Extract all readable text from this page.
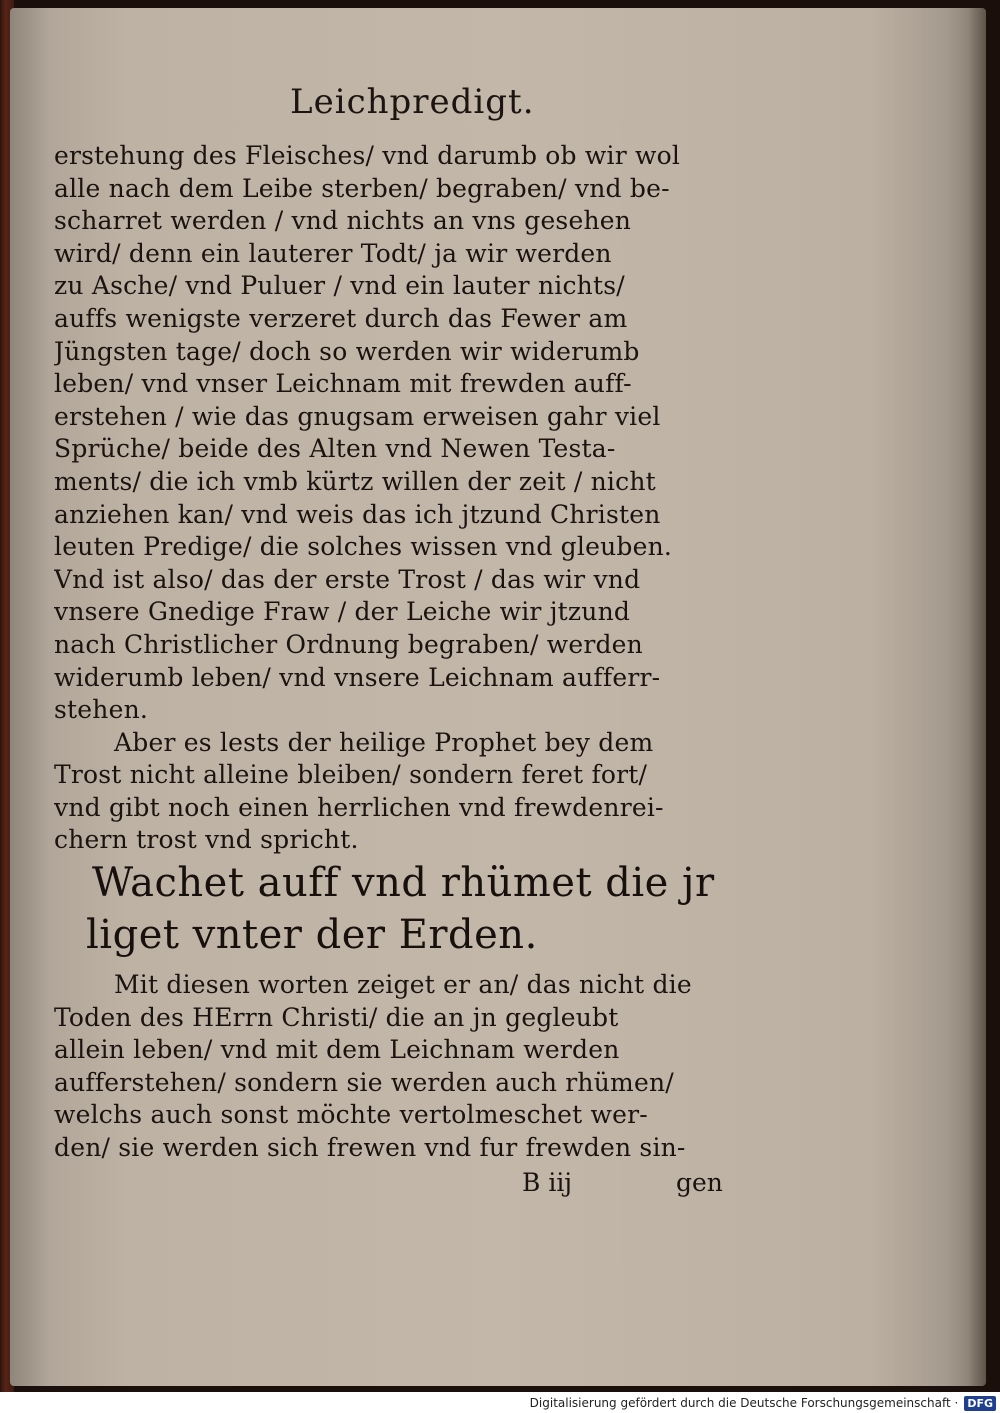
Leichpredigt.
erstehung des Fleisches/ vnd darumb ob wir wol
alle nach dem Leibe sterben/ begraben/ vnd be-
scharret werden / vnd nichts an vns gesehen
wird/ denn ein lauterer Todt/ ja wir werden
zu Asche/ vnd Puluer / vnd ein lauter nichts/
auffs wenigste verzeret durch das Fewer am
Jüngsten tage/ doch so werden wir widerumb
leben/ vnd vnser Leichnam mit frewden auff-
erstehen / wie das gnugsam erweisen gahr viel
Sprüche/ beide des Alten vnd Newen Testa-
ments/ die ich vmb kürtz willen der zeit / nicht
anziehen kan/ vnd weis das ich jtzund Christen
leuten Predige/ die solches wissen vnd gleuben.
Vnd ist also/ das der erste Trost / das wir vnd
vnsere Gnedige Fraw / der Leiche wir jtzund
nach Christlicher Ordnung begraben/ werden
widerumb leben/ vnd vnsere Leichnam aufferr-
stehen.
Aber es lests der heilige Prophet bey dem
Trost nicht alleine bleiben/ sondern feret fort/
vnd gibt noch einen herrlichen vnd frewdenrei-
chern trost vnd spricht.
Wachet auff vnd rhümet die jr
liget vnter der Erden.
Mit diesen worten zeiget er an/ das nicht die
Toden des HErrn Christi/ die an jn gegleubt
allein leben/ vnd mit dem Leichnam werden
aufferstehen/ sondern sie werden auch rhümen/
welchs auch sonst möchte vertolmeschet wer-
den/ sie werden sich frewen vnd fur frewden sin-
B iij	gen
Digitalisierung gefördert durch die Deutsche Forschungsgemeinschaft · DFG
